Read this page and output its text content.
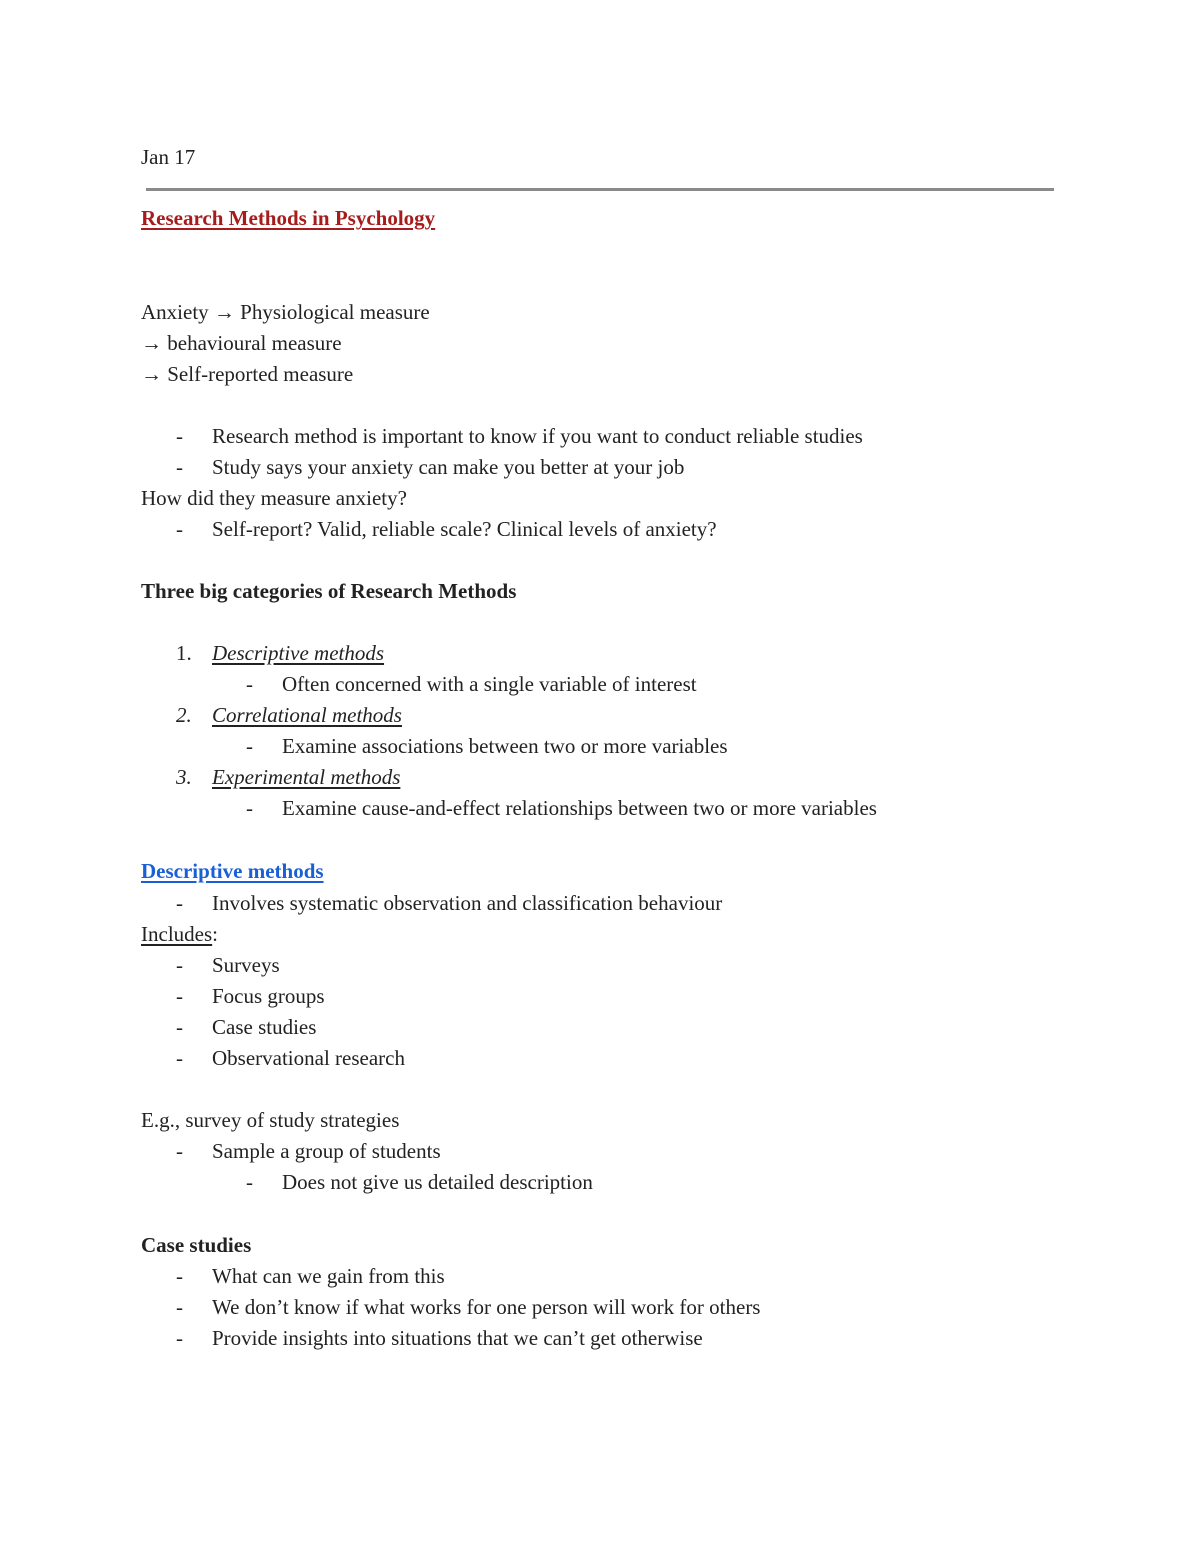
Jan 17
Research Methods in Psychology
Anxiety → Physiological measure
→ behavioural measure
→ Self-reported measure
- Research method is important to know if you want to conduct reliable studies
- Study says your anxiety can make you better at your job
How did they measure anxiety?
- Self-report? Valid, reliable scale? Clinical levels of anxiety?
Three big categories of Research Methods
1. Descriptive methods
- Often concerned with a single variable of interest
2. Correlational methods
- Examine associations between two or more variables
3. Experimental methods
- Examine cause-and-effect relationships between two or more variables
Descriptive methods
- Involves systematic observation and classification behaviour
Includes:
- Surveys
- Focus groups
- Case studies
- Observational research
E.g., survey of study strategies
- Sample a group of students
- Does not give us detailed description
Case studies
- What can we gain from this
- We don’t know if what works for one person will work for others
- Provide insights into situations that we can’t get otherwise
